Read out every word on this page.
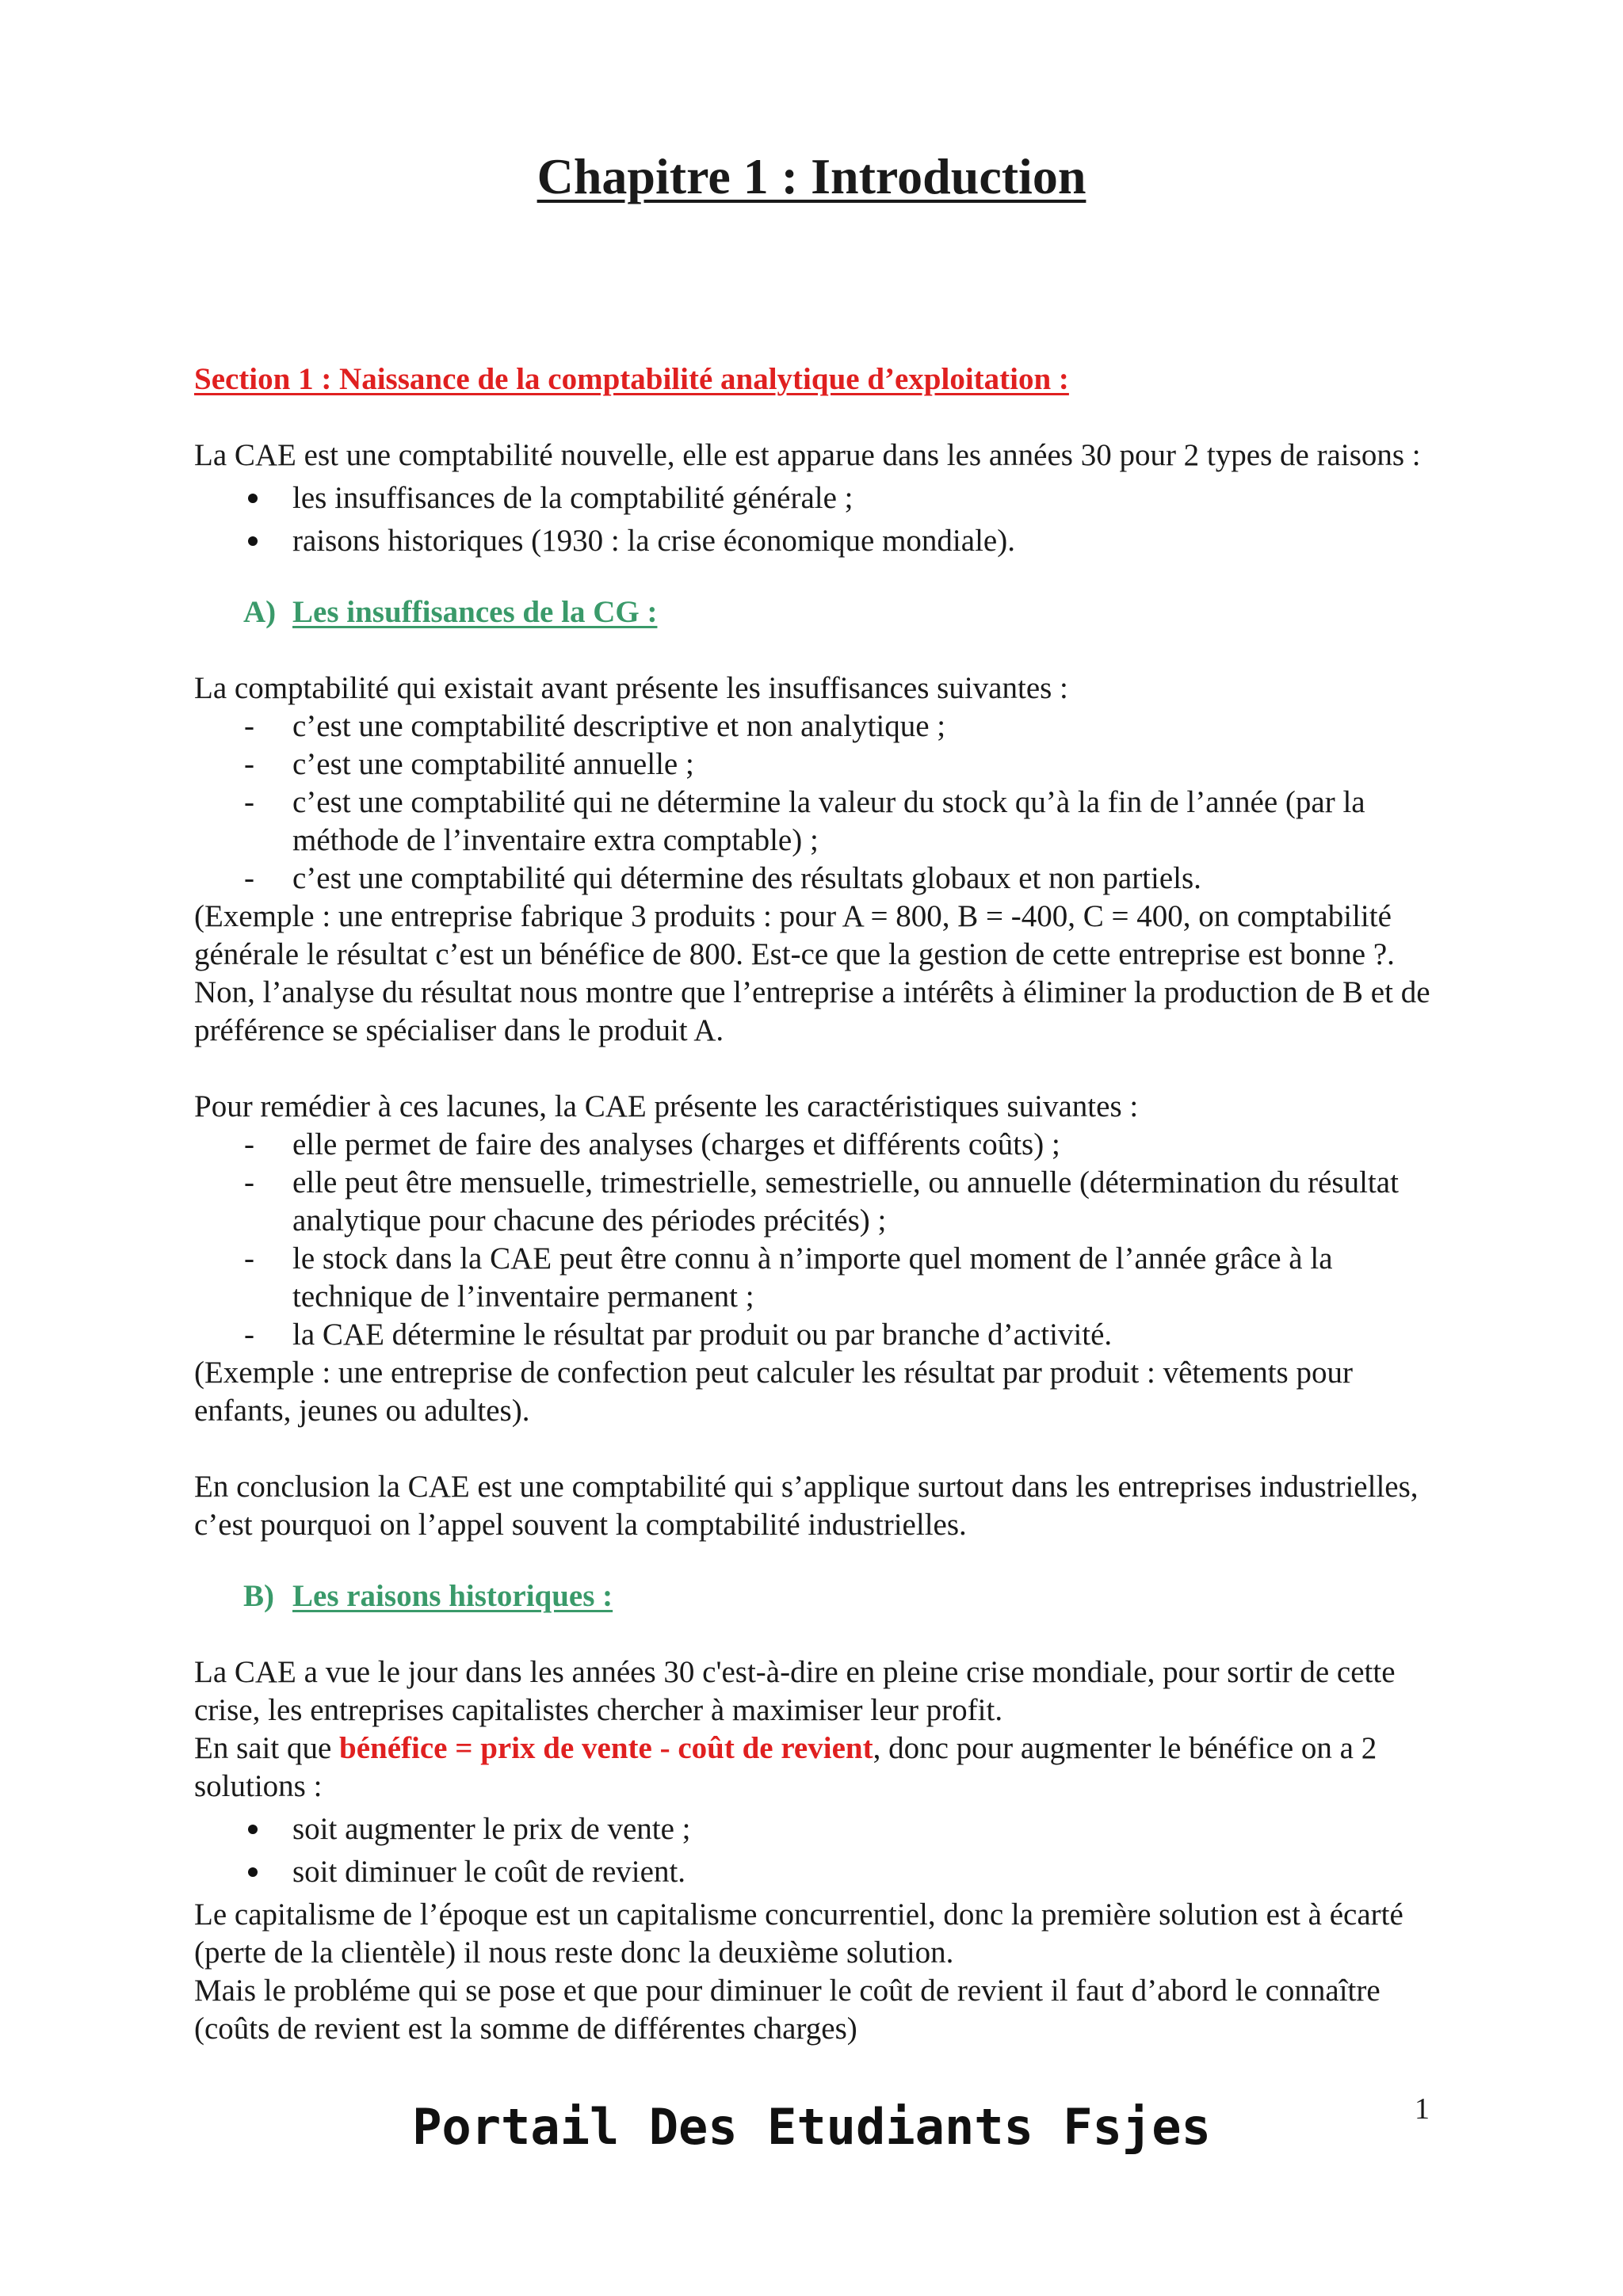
Chapitre 1 : Introduction
Section 1 : Naissance de la comptabilité analytique d’exploitation :

La CAE est une comptabilité nouvelle, elle est apparue dans les années 30 pour 2 types de raisons :

les insuffisances de la comptabilité générale ;
raisons historiques (1930 : la crise économique mondiale).
A) Les insuffisances de la CG :

La comptabilité qui existait avant présente les insuffisances suivantes :

- c’est une comptabilité descriptive et non analytique ;
- c’est une comptabilité annuelle ;
- c’est une comptabilité qui ne détermine la valeur du stock qu’à la fin de l’année (par la méthode de l’inventaire extra comptable) ;
- c’est une comptabilité qui détermine des résultats globaux et non partiels.

(Exemple : une entreprise fabrique 3 produits : pour A = 800, B = -400, C = 400, on comptabilité générale le résultat c’est un bénéfice de 800. Est-ce que la gestion de cette entreprise est bonne ?. Non, l’analyse du résultat nous montre que l’entreprise a intérêts à éliminer la production de B et de préférence se spécialiser dans le produit A.

Pour remédier à ces lacunes, la CAE présente les caractéristiques suivantes :

- elle permet de faire des analyses (charges et différents coûts) ;
- elle peut être mensuelle, trimestrielle, semestrielle, ou annuelle (détermination du résultat analytique pour chacune des périodes précités) ;
- le stock dans la CAE peut être connu à n’importe quel moment de l’année grâce à la technique de l’inventaire permanent ;
- la CAE détermine le résultat par produit ou par branche d’activité.

(Exemple : une entreprise de confection peut calculer les résultat par produit : vêtements pour enfants, jeunes ou adultes).

En conclusion la CAE est une comptabilité qui s’applique surtout dans les entreprises industrielles, c’est pourquoi on l’appel souvent la comptabilité industrielles.

B) Les raisons historiques :

La CAE a vue le jour dans les années 30 c'est-à-dire en pleine crise mondiale, pour sortir de cette crise, les entreprises capitalistes chercher à maximiser leur profit.

En sait que bénéfice = prix de vente - coût de revient, donc pour augmenter le bénéfice on a 2 solutions :

soit augmenter le prix de vente ;
soit diminuer le coût de revient.

Le capitalisme de l’époque est un capitalisme concurrentiel, donc la première solution est à écarté (perte de la clientèle) il nous reste donc la deuxième solution.

Mais le probléme qui se pose et que pour diminuer le coût de revient il faut d’abord le connaître (coûts de revient est la somme de différentes charges)

Portail Des Etudiants Fsjes	1
